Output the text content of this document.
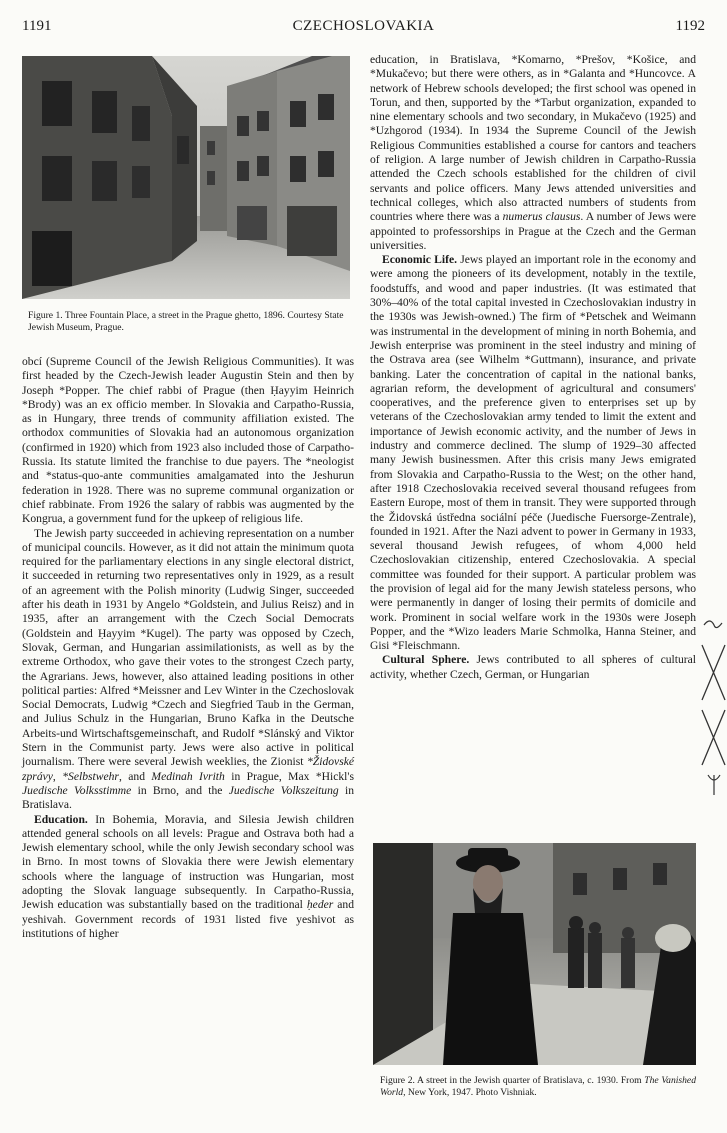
1191	CZECHOSLOVAKIA	1192
Figure 1. Three Fountain Place, a street in the Prague ghetto, 1896. Courtesy State Jewish Museum, Prague.

obcí (Supreme Council of the Jewish Religious Communities). It was first headed by the Czech-Jewish leader Augustin Stein and then by Joseph *Popper. The chief rabbi of Prague (then Ḥayyim Heinrich *Brody) was an ex officio member. In Slovakia and Carpatho-Russia, as in Hungary, three trends of community affiliation existed. The orthodox communities of Slovakia had an autonomous organization (confirmed in 1920) which from 1923 also included those of Carpatho-Russia. Its statute limited the franchise to due payers. The *neologist and *status-quo-ante communities amalgamated into the Jeshurun federation in 1928. There was no supreme communal organization or chief rabbinate. From 1926 the salary of rabbis was augmented by the Kongrua, a government fund for the upkeep of religious life.

The Jewish party succeeded in achieving representation on a number of municipal councils. However, as it did not attain the minimum quota required for the parliamentary elections in any single electoral district, it succeeded in returning two representatives only in 1929, as a result of an agreement with the Polish minority (Ludwig Singer, succeeded after his death in 1931 by Angelo *Goldstein, and Julius Reisz) and in 1935, after an arrangement with the Czech Social Democrats (Goldstein and Ḥayyim *Kugel). The party was opposed by Czech, Slovak, German, and Hungarian assimilationists, as well as by the extreme Orthodox, who gave their votes to the strongest Czech party, the Agrarians. Jews, however, also attained leading positions in other political parties: Alfred *Meissner and Lev Winter in the Czechoslovak Social Democrats, Ludwig *Czech and Siegfried Taub in the German, and Julius Schulz in the Hungarian, Bruno Kafka in the Deutsche Arbeits-und Wirtschaftsgemeinschaft, and Rudolf *Slánský and Viktor Stern in the Communist party. Jews were also active in political journalism. There were several Jewish weeklies, the Zionist *Židovské zprávy, *Selbstwehr, and Medinah Ivrith in Prague, Max *Hickl's Juedische Volksstimme in Brno, and the Juedische Volkszeitung in Bratislava.

Education. In Bohemia, Moravia, and Silesia Jewish children attended general schools on all levels: Prague and Ostrava both had a Jewish elementary school, while the only Jewish secondary school was in Brno. In most towns of Slovakia there were Jewish elementary schools where the language of instruction was Hungarian, most adopting the Slovak language subsequently. In Carpatho-Russia, Jewish education was substantially based on the traditional ḥeder and yeshivah. Government records of 1931 listed five yeshivot as institutions of higher

education, in Bratislava, *Komarno, *Prešov, *Košice, and *Mukačevo; but there were others, as in *Galanta and *Huncovce. A network of Hebrew schools developed; the first school was opened in Torun, and then, supported by the *Tarbut organization, expanded to nine elementary schools and two secondary, in Mukačevo (1925) and *Uzhgorod (1934). In 1934 the Supreme Council of the Jewish Religious Communities established a course for cantors and teachers of religion. A large number of Jewish children in Carpatho-Russia attended the Czech schools established for the children of civil servants and police officers. Many Jews attended universities and technical colleges, which also attracted numbers of students from countries where there was a numerus clausus. A number of Jews were appointed to professorships in Prague at the Czech and the German universities.

Economic Life. Jews played an important role in the economy and were among the pioneers of its development, notably in the textile, foodstuffs, and wood and paper industries. (It was estimated that 30%–40% of the total capital invested in Czechoslovakian industry in the 1930s was Jewish-owned.) The firm of *Petschek and Weimann was instrumental in the development of mining in north Bohemia, and Jewish enterprise was prominent in the steel industry and mining of the Ostrava area (see Wilhelm *Guttmann), insurance, and private banking. Later the concentration of capital in the national banks, agrarian reform, the development of agricultural and consumers' cooperatives, and the preference given to enterprises set up by veterans of the Czechoslovakian army tended to limit the extent and importance of Jewish economic activity, and the number of Jews in industry and commerce declined. The slump of 1929–30 affected many Jewish businessmen. After this crisis many Jews emigrated from Slovakia and Carpatho-Russia to the West; on the other hand, after 1918 Czechoslovakia received several thousand refugees from Eastern Europe, most of them in transit. They were supported through the Židovská ústředna sociální péče (Juedische Fuersorge-Zentrale), founded in 1921. After the Nazi advent to power in Germany in 1933, several thousand Jewish refugees, of whom 4,000 held Czechoslovakian citizenship, entered Czechoslovakia. A special committee was founded for their support. A particular problem was the provision of legal aid for the many Jewish stateless persons, who were permanently in danger of losing their permits of domicile and work. Prominent in social welfare work in the 1930s were Joseph Popper, and the *Wizo leaders Marie Schmolka, Hanna Steiner, and Gisi *Fleischmann.

Cultural Sphere. Jews contributed to all spheres of cultural activity, whether Czech, German, or Hungarian

Figure 2. A street in the Jewish quarter of Bratislava, c. 1930. From The Vanished World, New York, 1947. Photo Vishniak.
